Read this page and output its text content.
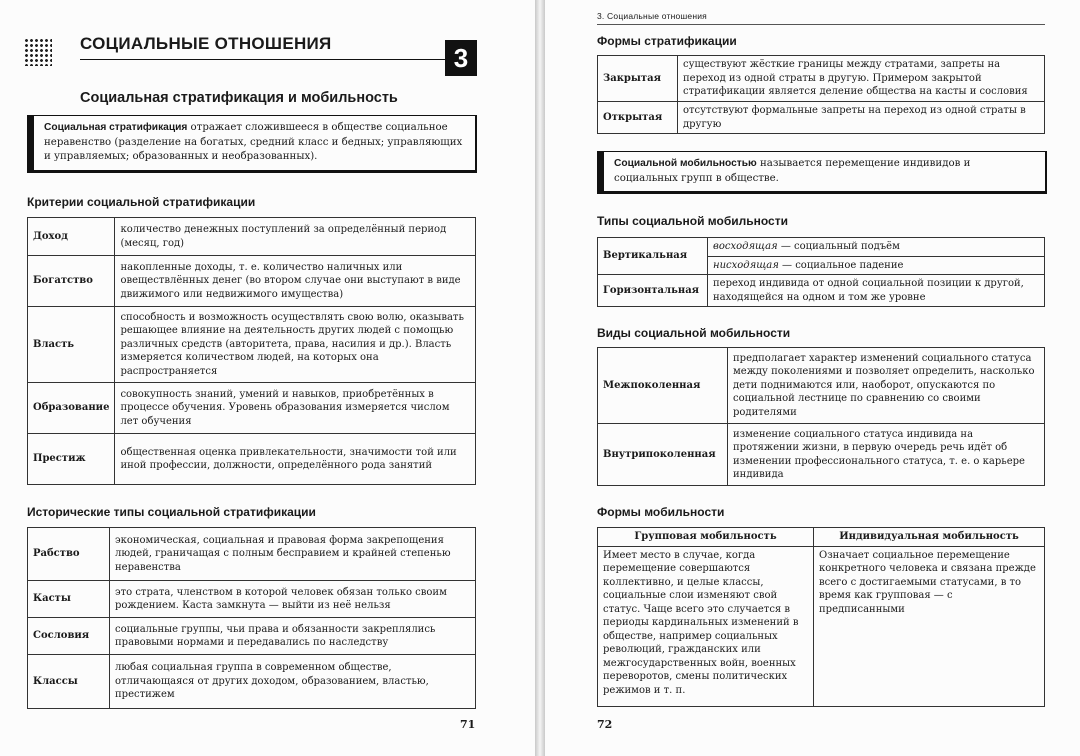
СОЦИАЛЬНЫЕ ОТНОШЕНИЯ	3
Социальная стратификация и мобильность
Социальная стратификация отражает сложившееся в обществе социальное неравенство (разделение на богатых, средний класс и бедных; управляющих и управляемых; образованных и необразованных).
Критерии социальной стратификации
Доход	количество денежных поступлений за определённый период (месяц, год)
Богатство	накопленные доходы, т. е. количество наличных или овеществлённых денег (во втором случае они выступают в виде движимого или недвижимого имущества)
Власть	способность и возможность осуществлять свою волю, оказывать решающее влияние на деятельность других людей с помощью различных средств (авторитета, права, насилия и др.). Власть измеряется количеством людей, на которых она распространяется
Образование	совокупность знаний, умений и навыков, приобретённых в процессе обучения. Уровень образования измеряется числом лет обучения
Престиж	общественная оценка привлекательности, значимости той или иной профессии, должности, определённого рода занятий
Исторические типы социальной стратификации
Рабство	экономическая, социальная и правовая форма закрепощения людей, граничащая с полным бесправием и крайней степенью неравенства
Касты	это страта, членством в которой человек обязан только своим рождением. Каста замкнута — выйти из неё нельзя
Сословия	социальные группы, чьи права и обязанности закреплялись правовыми нормами и передавались по наследству
Классы	любая социальная группа в современном обществе, отличающаяся от других доходом, образованием, властью, престижем
71
3. Социальные отношения
Формы стратификации
Закрытая	существуют жёсткие границы между стратами, запреты на переход из одной страты в другую. Примером закрытой стратификации является деление общества на касты и сословия
Открытая	отсутствуют формальные запреты на переход из одной страты в другую
Социальной мобильностью называется перемещение индивидов и социальных групп в обществе.
Типы социальной мобильности
Вертикальная	восходящая — социальный подъём
	нисходящая — социальное падение
Горизонтальная	переход индивида от одной социальной позиции к другой, находящейся на одном и том же уровне
Виды социальной мобильности
Межпоколенная	предполагает характер изменений социального статуса между поколениями и позволяет определить, насколько дети поднимаются или, наоборот, опускаются по социальной лестнице по сравнению со своими родителями
Внутрипоколенная	изменение социального статуса индивида на протяжении жизни, в первую очередь речь идёт об изменении профессионального статуса, т. е. о карьере индивида
Формы мобильности
Групповая мобильность	Индивидуальная мобильность
Имеет место в случае, когда перемещение совершаются коллективно, и целые классы, социальные слои изменяют свой статус. Чаще всего это случается в периоды кардинальных изменений в обществе, например социальных революций, гражданских или межгосударственных войн, военных переворотов, смены политических режимов и т. п.	Означает социальное перемещение конкретного человека и связана прежде всего с достигаемыми статусами, в то время как групповая — с предписанными
72
